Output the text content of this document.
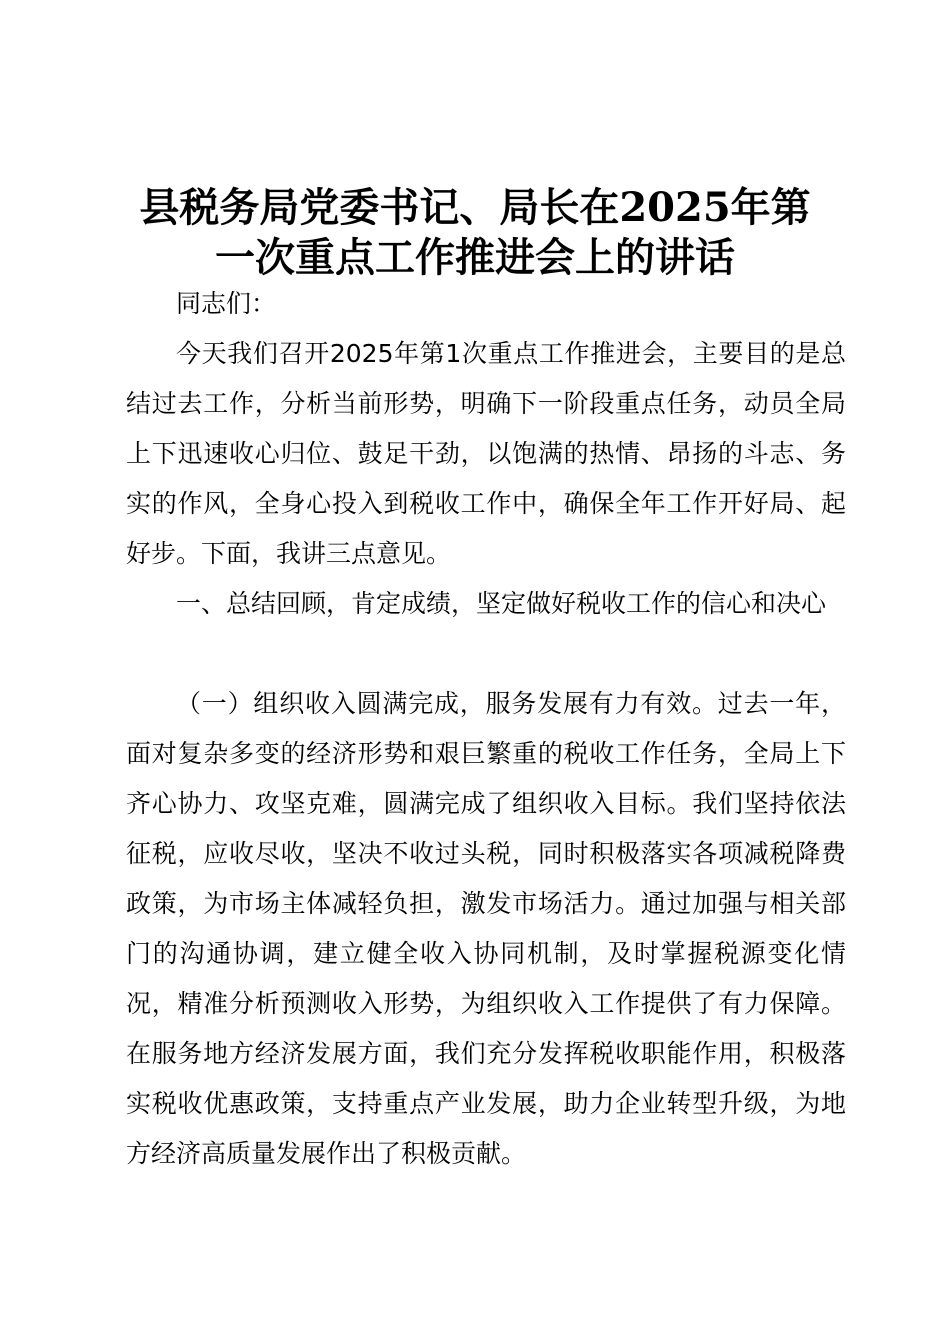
县税务局党委书记、局长在2025年第
一次重点工作推进会上的讲话

同志们：

今天我们召开2025年第1次重点工作推进会，主要目的是总结过去工作，分析当前形势，明确下一阶段重点任务，动员全局上下迅速收心归位、鼓足干劲，以饱满的热情、昂扬的斗志、务实的作风，全身心投入到税收工作中，确保全年工作开好局、起好步。下面，我讲三点意见。

一、总结回顾，肯定成绩，坚定做好税收工作的信心和决心

（一）组织收入圆满完成，服务发展有力有效。过去一年，面对复杂多变的经济形势和艰巨繁重的税收工作任务，全局上下齐心协力、攻坚克难，圆满完成了组织收入目标。我们坚持依法征税，应收尽收，坚决不收过头税，同时积极落实各项减税降费政策，为市场主体减轻负担，激发市场活力。通过加强与相关部门的沟通协调，建立健全收入协同机制，及时掌握税源变化情况，精准分析预测收入形势，为组织收入工作提供了有力保障。在服务地方经济发展方面，我们充分发挥税收职能作用，积极落实税收优惠政策，支持重点产业发展，助力企业转型升级，为地方经济高质量发展作出了积极贡献。
